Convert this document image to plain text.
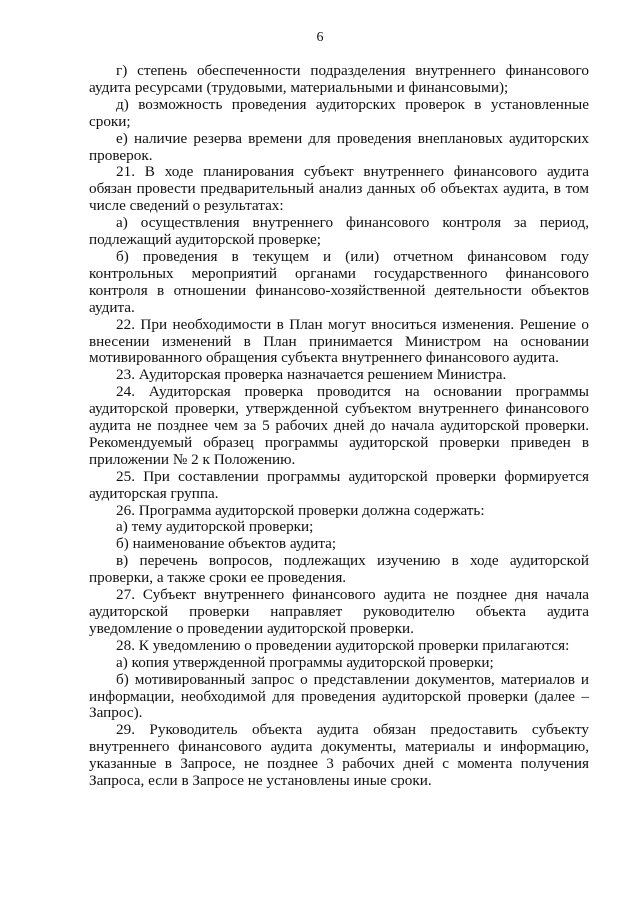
6

г) степень обеспеченности подразделения внутреннего финансового аудита ресурсами (трудовыми, материальными и финансовыми);

д) возможность проведения аудиторских проверок в установленные сроки;

е) наличие резерва времени для проведения внеплановых аудиторских проверок.

21. В ходе планирования субъект внутреннего финансового аудита обязан провести предварительный анализ данных об объектах аудита, в том числе сведений о результатах:

а) осуществления внутреннего финансового контроля за период, подлежащий аудиторской проверке;

б) проведения в текущем и (или) отчетном финансовом году контрольных мероприятий органами государственного финансового контроля в отношении финансово-хозяйственной деятельности объектов аудита.

22. При необходимости в План могут вноситься изменения. Решение о внесении изменений в План принимается Министром на основании мотивированного обращения субъекта внутреннего финансового аудита.

23. Аудиторская проверка назначается решением Министра.

24. Аудиторская проверка проводится на основании программы аудиторской проверки, утвержденной субъектом внутреннего финансового аудита не позднее чем за 5 рабочих дней до начала аудиторской проверки. Рекомендуемый образец программы аудиторской проверки приведен в приложении № 2 к Положению.

25. При составлении программы аудиторской проверки формируется аудиторская группа.

26. Программа аудиторской проверки должна содержать:

а) тему аудиторской проверки;

б) наименование объектов аудита;

в) перечень вопросов, подлежащих изучению в ходе аудиторской проверки, а также сроки ее проведения.

27. Субъект внутреннего финансового аудита не позднее дня начала аудиторской проверки направляет руководителю объекта аудита уведомление о проведении аудиторской проверки.

28. К уведомлению о проведении аудиторской проверки прилагаются:

а) копия утвержденной программы аудиторской проверки;

б) мотивированный запрос о представлении документов, материалов и информации, необходимой для проведения аудиторской проверки (далее – Запрос).

29. Руководитель объекта аудита обязан предоставить субъекту внутреннего финансового аудита документы, материалы и информацию, указанные в Запросе, не позднее 3 рабочих дней с момента получения Запроса, если в Запросе не установлены иные сроки.
